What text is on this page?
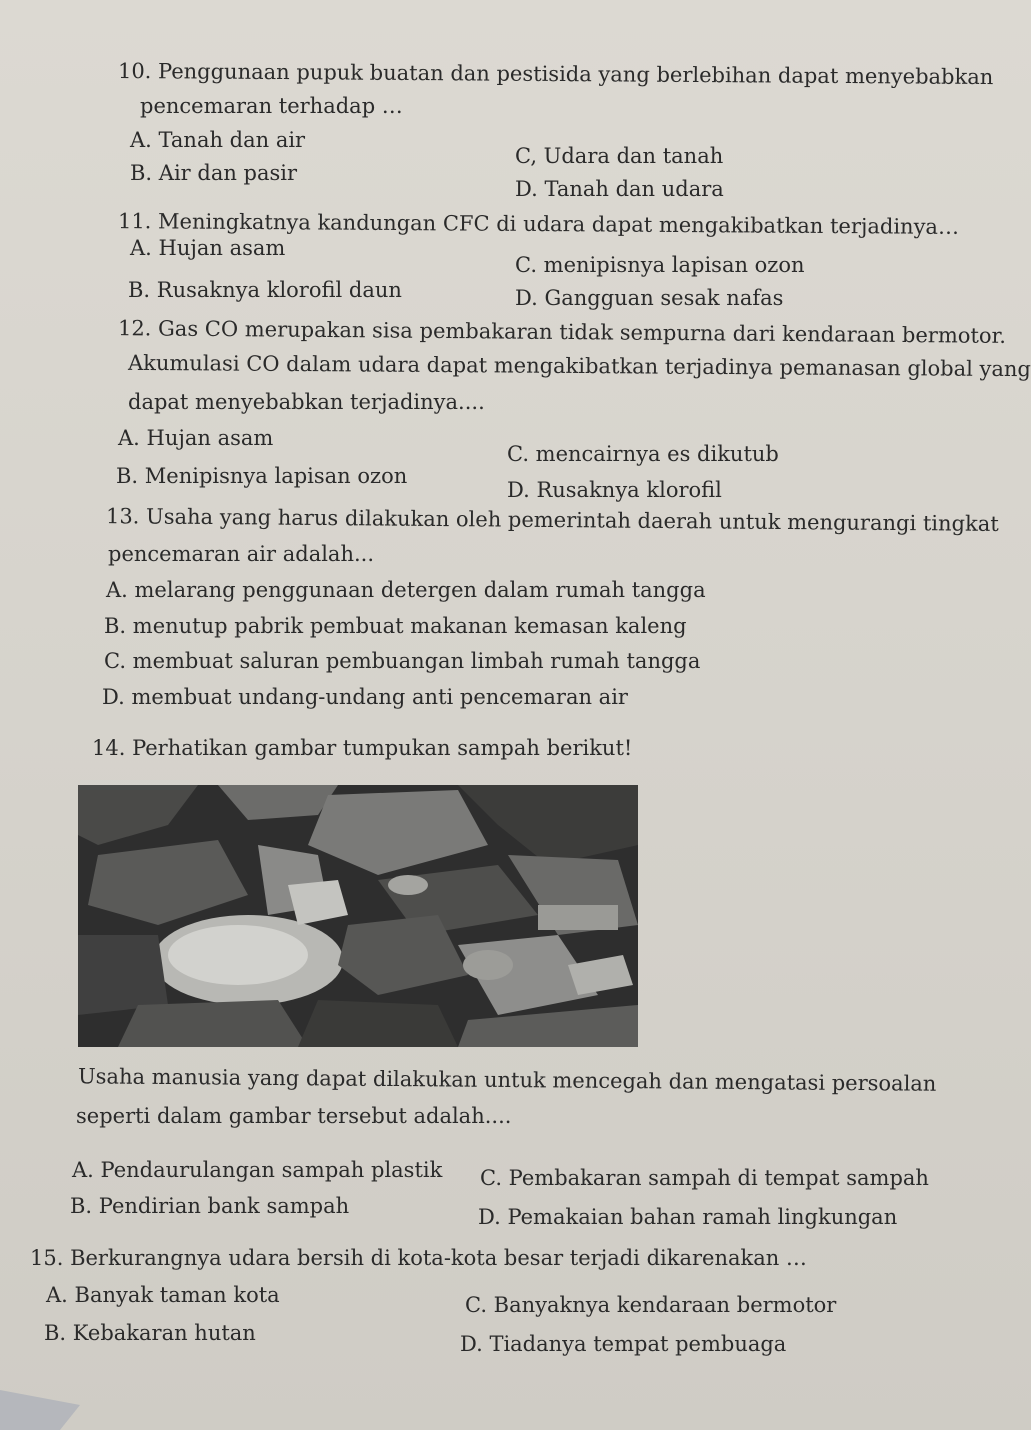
10. Penggunaan pupuk buatan dan pestisida yang berlebihan dapat menyebabkan
pencemaran terhadap …
A. Tanah dan air
C, Udara dan tanah
B. Air dan pasir
D. Tanah dan udara
11. Meningkatnya kandungan CFC di udara dapat mengakibatkan terjadinya…
A. Hujan asam
C. menipisnya lapisan ozon
B. Rusaknya klorofil daun	D. Gangguan sesak nafas
12. Gas CO merupakan sisa pembakaran tidak sempurna dari kendaraan bermotor.
Akumulasi CO dalam udara dapat mengakibatkan terjadinya pemanasan global yang
dapat menyebabkan terjadinya....
A. Hujan asam
C. mencairnya es dikutub
B. Menipisnya lapisan ozon
D. Rusaknya klorofil
13. Usaha yang harus dilakukan oleh pemerintah daerah untuk mengurangi tingkat
pencemaran air adalah...
A. melarang penggunaan detergen dalam rumah tangga
B. menutup pabrik pembuat makanan kemasan kaleng
C. membuat saluran pembuangan limbah rumah tangga
D. membuat undang-undang anti pencemaran air
14. Perhatikan gambar tumpukan sampah berikut!
Usaha manusia yang dapat dilakukan untuk mencegah dan mengatasi persoalan
seperti dalam gambar tersebut adalah....
A. Pendaurulangan sampah plastik C. Pembakaran sampah di tempat sampah
B. Pendirian bank sampah	D. Pemakaian bahan ramah lingkungan
15. Berkurangnya udara bersih di kota-kota besar terjadi dikarenakan …
A. Banyak taman kota	C. Banyaknya kendaraan bermotor
B. Kebakaran hutan	D. Tiadanya tempat pembuaga
